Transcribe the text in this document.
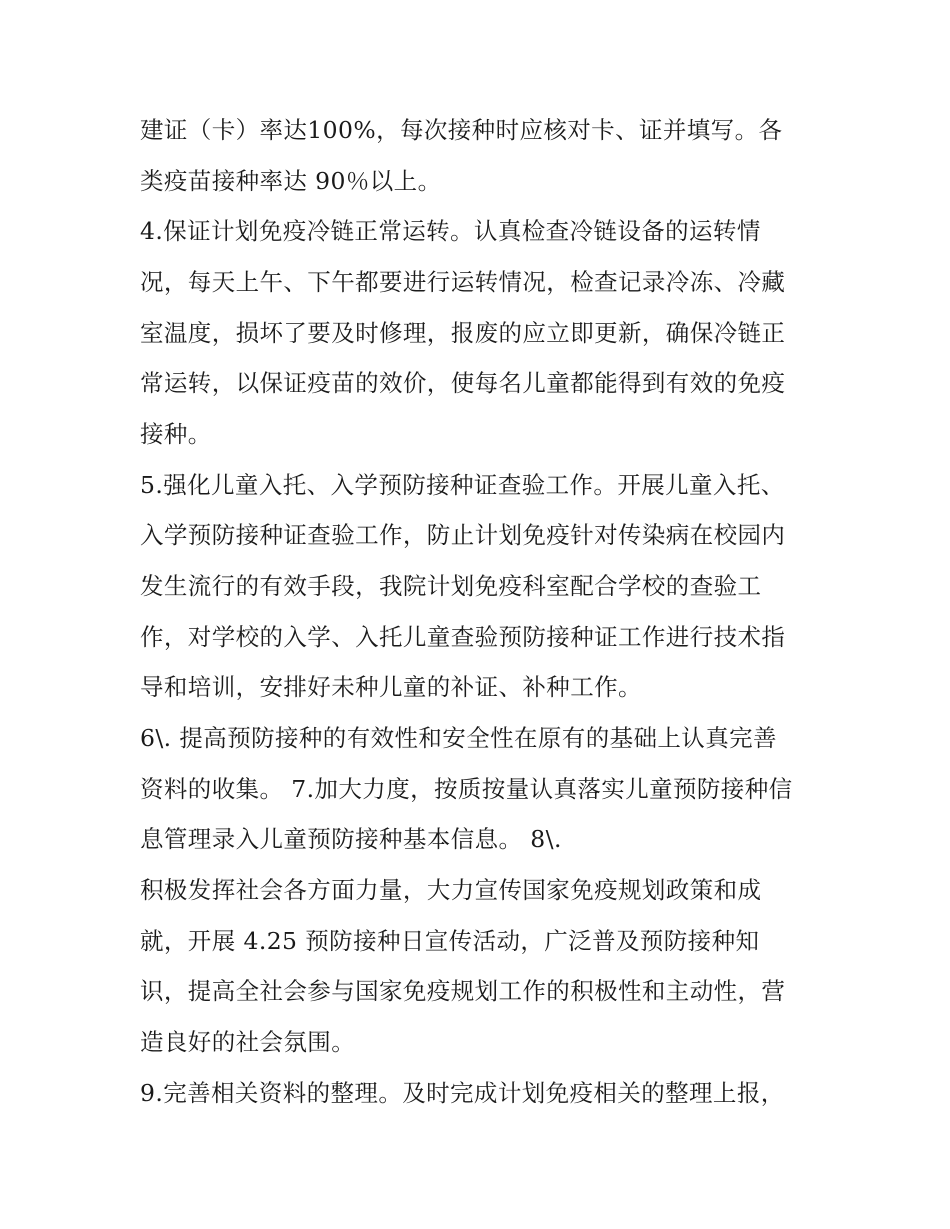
建证（卡）率达100%，每次接种时应核对卡、证并填写。各
类疫苗接种率达 90％以上。
4.保证计划免疫冷链正常运转。认真检查冷链设备的运转情
况，每天上午、下午都要进行运转情况，检查记录冷冻、冷藏
室温度，损坏了要及时修理，报废的应立即更新，确保冷链正
常运转，以保证疫苗的效价，使每名儿童都能得到有效的免疫
接种。
5.强化儿童入托、入学预防接种证查验工作。开展儿童入托、
入学预防接种证查验工作，防止计划免疫针对传染病在校园内
发生流行的有效手段，我院计划免疫科室配合学校的查验工
作，对学校的入学、入托儿童查验预防接种证工作进行技术指
导和培训，安排好未种儿童的补证、补种工作。
6\. 提高预防接种的有效性和安全性在原有的基础上认真完善
资料的收集。 7.加大力度，按质按量认真落实儿童预防接种信
息管理录入儿童预防接种基本信息。 8\.
积极发挥社会各方面力量，大力宣传国家免疫规划政策和成
就，开展 4.25 预防接种日宣传活动，广泛普及预防接种知
识，提高全社会参与国家免疫规划工作的积极性和主动性，营
造良好的社会氛围。
9.完善相关资料的整理。及时完成计划免疫相关的整理上报，
